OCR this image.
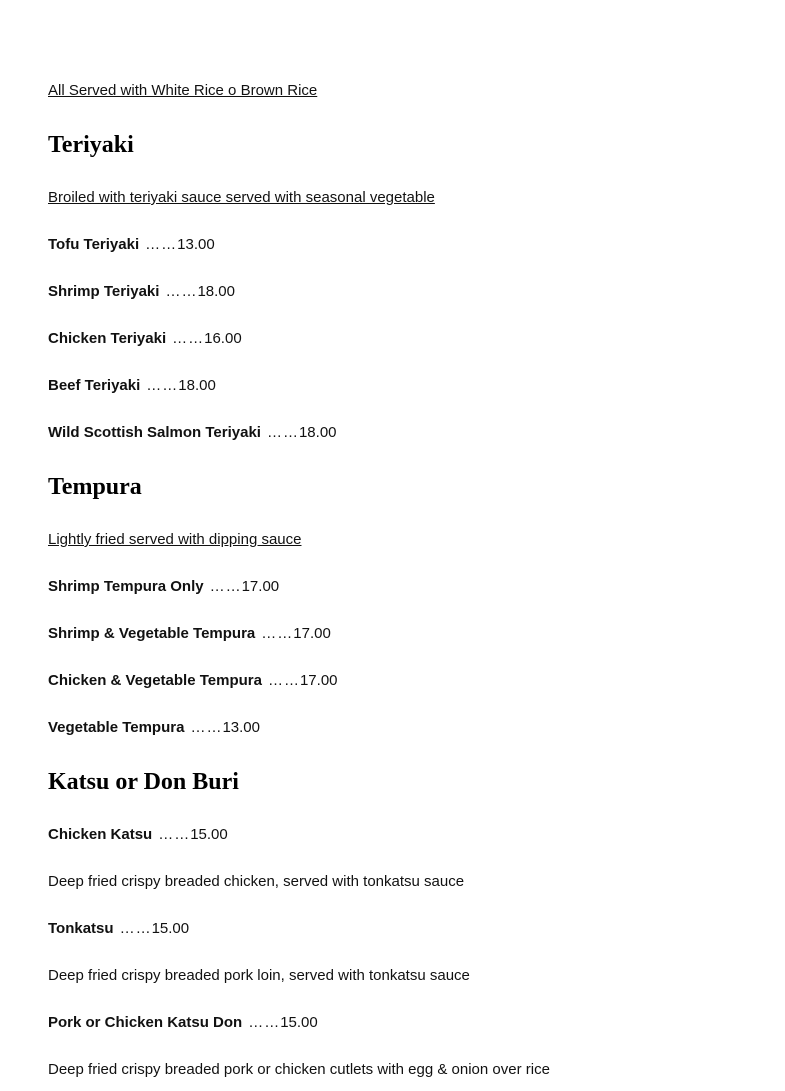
All Served with White Rice o Brown Rice
Teriyaki
Broiled with teriyaki sauce served with seasonal vegetable
Tofu Teriyaki ……13.00
Shrimp Teriyaki ……18.00
Chicken Teriyaki ……16.00
Beef Teriyaki ……18.00
Wild Scottish Salmon Teriyaki ……18.00
Tempura
Lightly fried served with dipping sauce
Shrimp Tempura Only ……17.00
Shrimp & Vegetable Tempura ……17.00
Chicken & Vegetable Tempura ……17.00
Vegetable Tempura ……13.00
Katsu or Don Buri
Chicken Katsu ……15.00
Deep fried crispy breaded chicken, served with tonkatsu sauce
Tonkatsu ……15.00
Deep fried crispy breaded pork loin, served with tonkatsu sauce
Pork or Chicken Katsu Don ……15.00
Deep fried crispy breaded pork or chicken cutlets with egg & onion over rice
